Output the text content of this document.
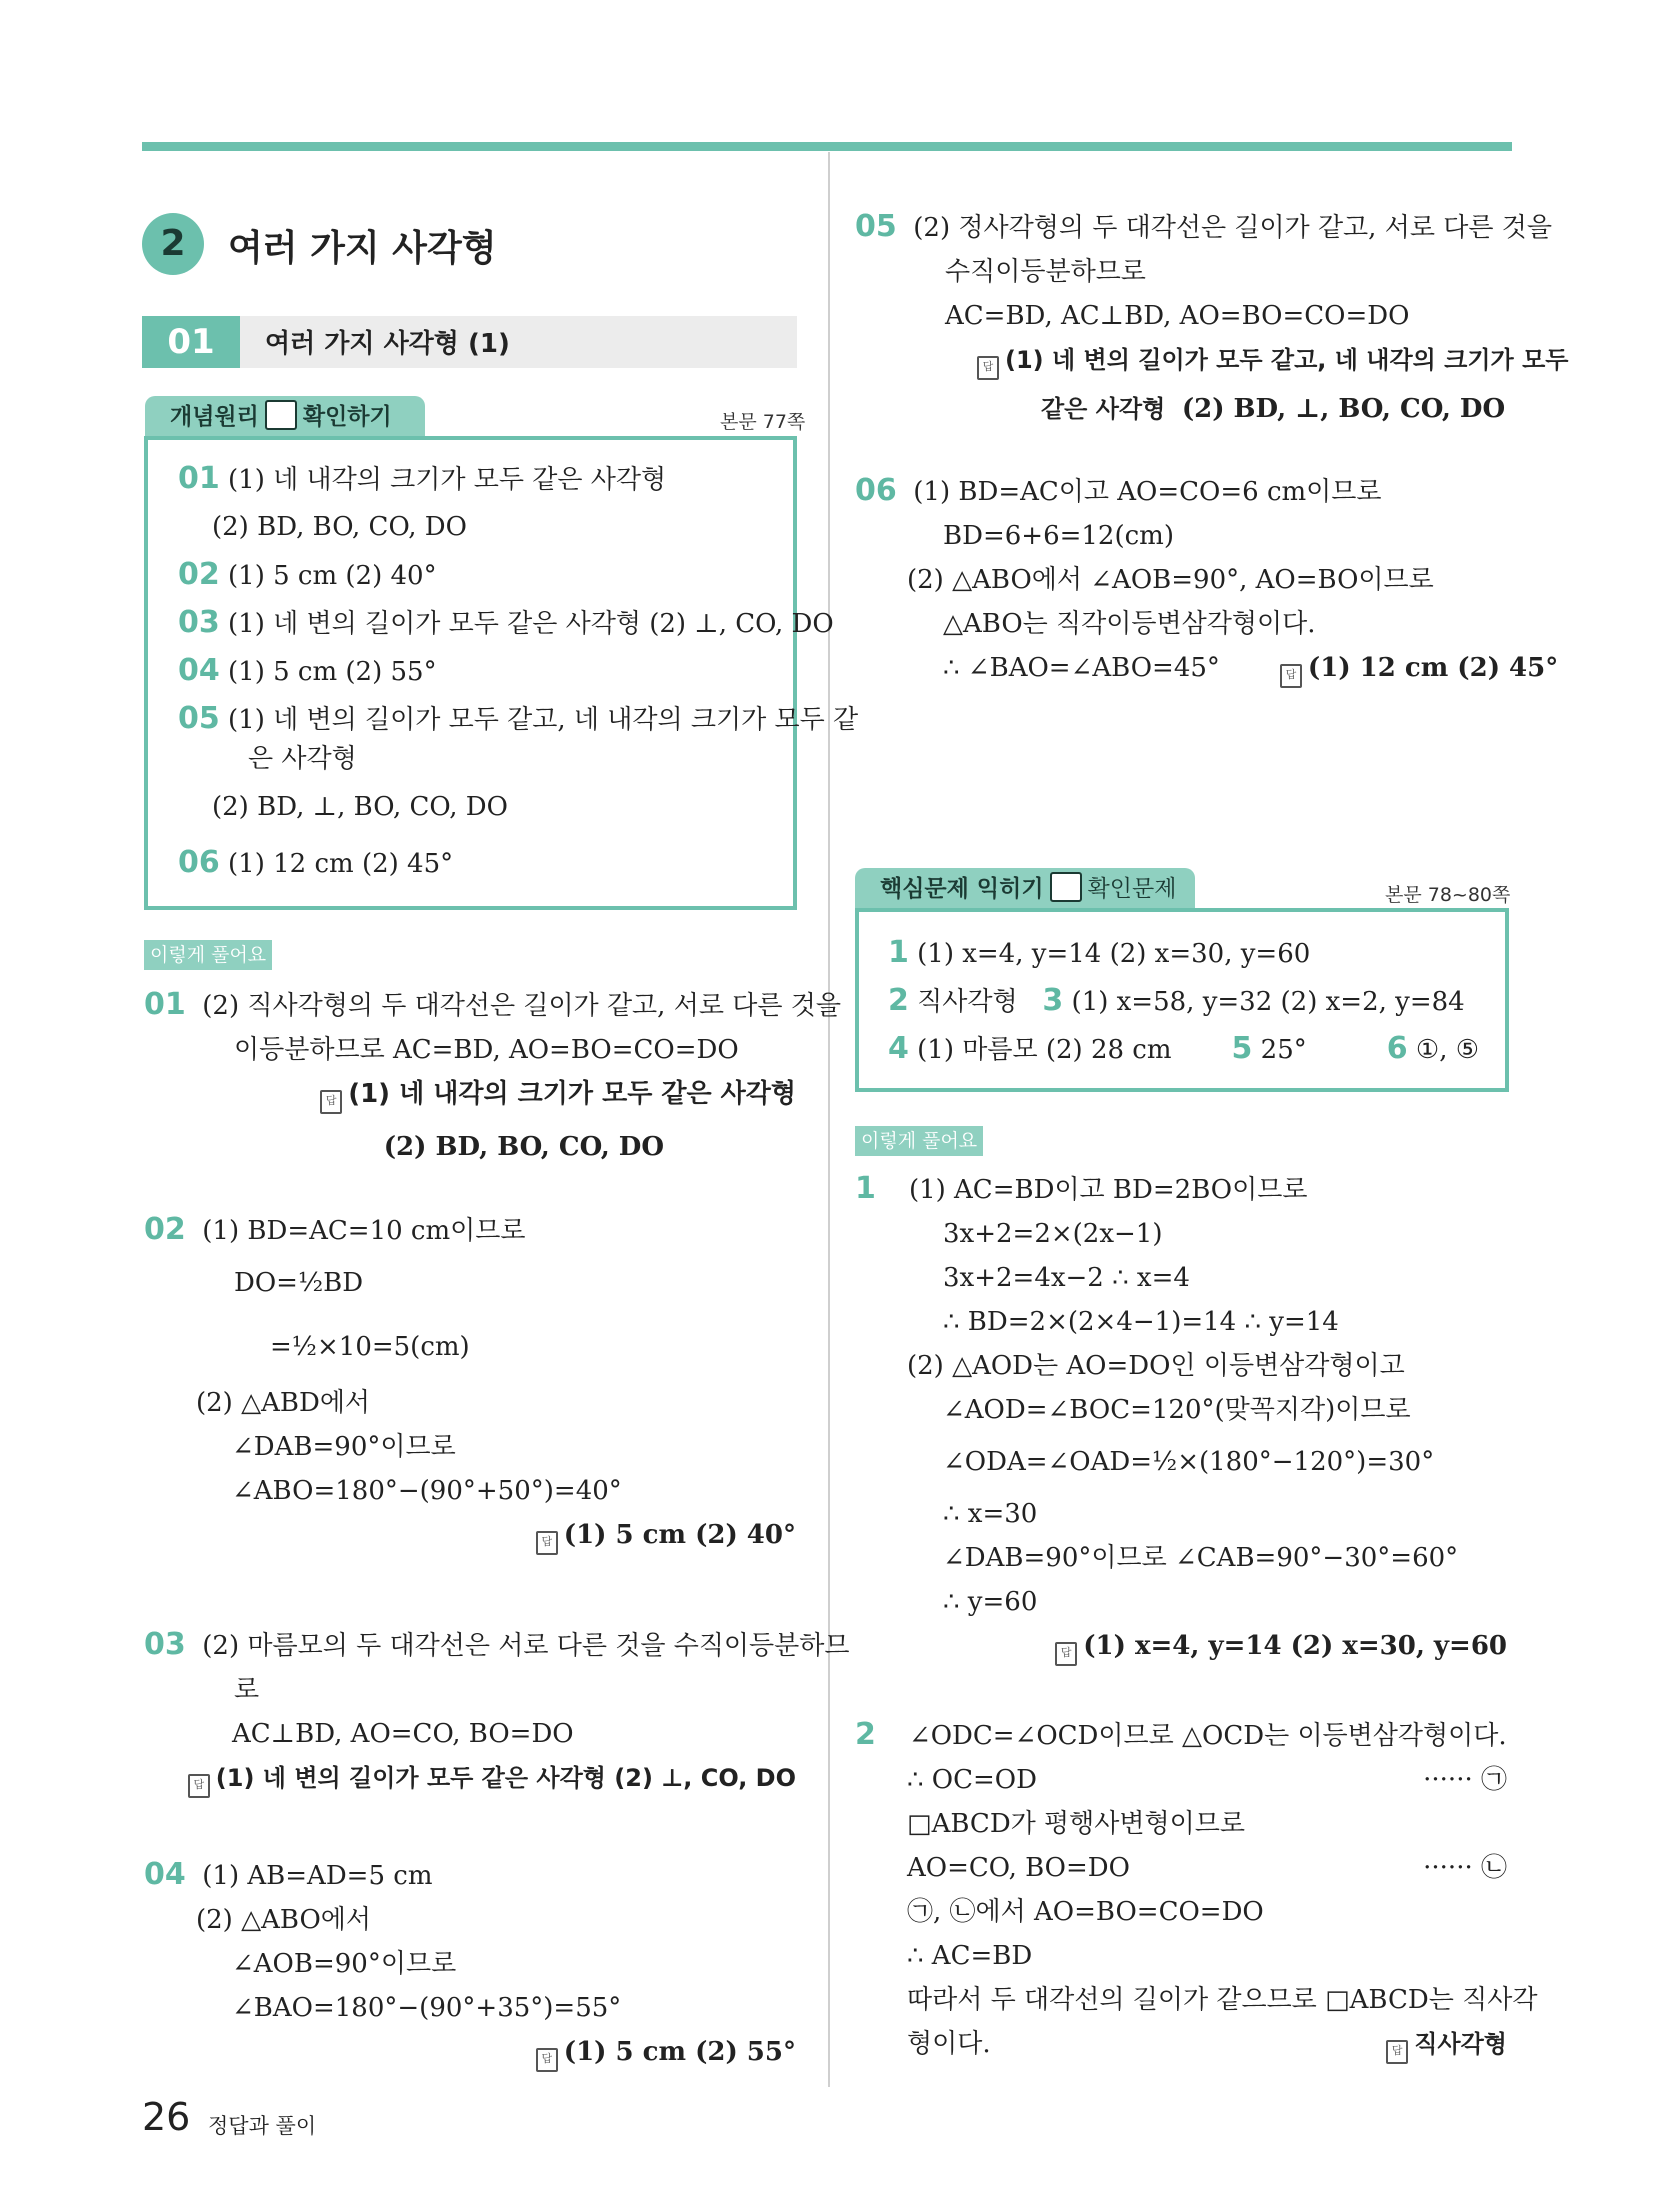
2	여러 가지 사각형
01	여러 가지 사각형 (1)
개념원리 확인하기	본문 77쪽
01 (1) 네 내각의 크기가 모두 같은 사각형
(2) BD, BO, CO, DO
02 (1) 5 cm (2) 40°
03 (1) 네 변의 길이가 모두 같은 사각형 (2) ⊥, CO, DO
04 (1) 5 cm (2) 55°
05 (1) 네 변의 길이가 모두 같고, 네 내각의 크기가 모두 같
은 사각형
(2) BD, ⊥, BO, CO, DO
06 (1) 12 cm (2) 45°
이렇게 풀어요
01 (2) 직사각형의 두 대각선은 길이가 같고, 서로 다른 것을
이등분하므로 AC=BD, AO=BO=CO=DO
답 (1) 네 내각의 크기가 모두 같은 사각형
(2) BD, BO, CO, DO
02 (1) BD=AC=10 cm이므로
DO=½BD
=½×10=5(cm)
(2) △ABD에서
∠DAB=90°이므로
∠ABO=180°−(90°+50°)=40°
답 (1) 5 cm (2) 40°
03 (2) 마름모의 두 대각선은 서로 다른 것을 수직이등분하므
로
AC⊥BD, AO=CO, BO=DO
답 (1) 네 변의 길이가 모두 같은 사각형 (2) ⊥, CO, DO
04 (1) AB=AD=5 cm
(2) △ABO에서
∠AOB=90°이므로
∠BAO=180°−(90°+35°)=55°
답 (1) 5 cm (2) 55°
05 (2) 정사각형의 두 대각선은 길이가 같고, 서로 다른 것을
수직이등분하므로
AC=BD, AC⊥BD, AO=BO=CO=DO
답 (1) 네 변의 길이가 모두 같고, 네 내각의 크기가 모두
같은 사각형 (2) BD, ⊥, BO, CO, DO
06 (1) BD=AC이고 AO=CO=6 cm이므로
BD=6+6=12(cm)
(2) △ABO에서 ∠AOB=90°, AO=BO이므로
△ABO는 직각이등변삼각형이다.
∴ ∠BAO=∠ABO=45°	답 (1) 12 cm (2) 45°
핵심문제 익히기 확인문제	본문 78~80쪽
1 (1) x=4, y=14 (2) x=30, y=60
2 직사각형 3 (1) x=58, y=32 (2) x=2, y=84
4 (1) 마름모 (2) 28 cm 5 25°	6 ①, ⑤
이렇게 풀어요
1 (1) AC=BD이고 BD=2BO이므로
3x+2=2×(2x−1)
3x+2=4x−2 ∴ x=4
∴ BD=2×(2×4−1)=14 ∴ y=14
(2) △AOD는 AO=DO인 이등변삼각형이고
∠AOD=∠BOC=120°(맞꼭지각)이므로
∠ODA=∠OAD=½×(180°−120°)=30°
∴ x=30
∠DAB=90°이므로 ∠CAB=90°−30°=60°
∴ y=60
답 (1) x=4, y=14 (2) x=30, y=60
2 ∠ODC=∠OCD이므로 △OCD는 이등변삼각형이다.
∴ OC=OD	······ ㉠
□ABCD가 평행사변형이므로
AO=CO, BO=DO	······ ㉡
㉠, ㉡에서 AO=BO=CO=DO
∴ AC=BD
따라서 두 대각선의 길이가 같으므로 □ABCD는 직사각
형이다.	답 직사각형
26 정답과 풀이
